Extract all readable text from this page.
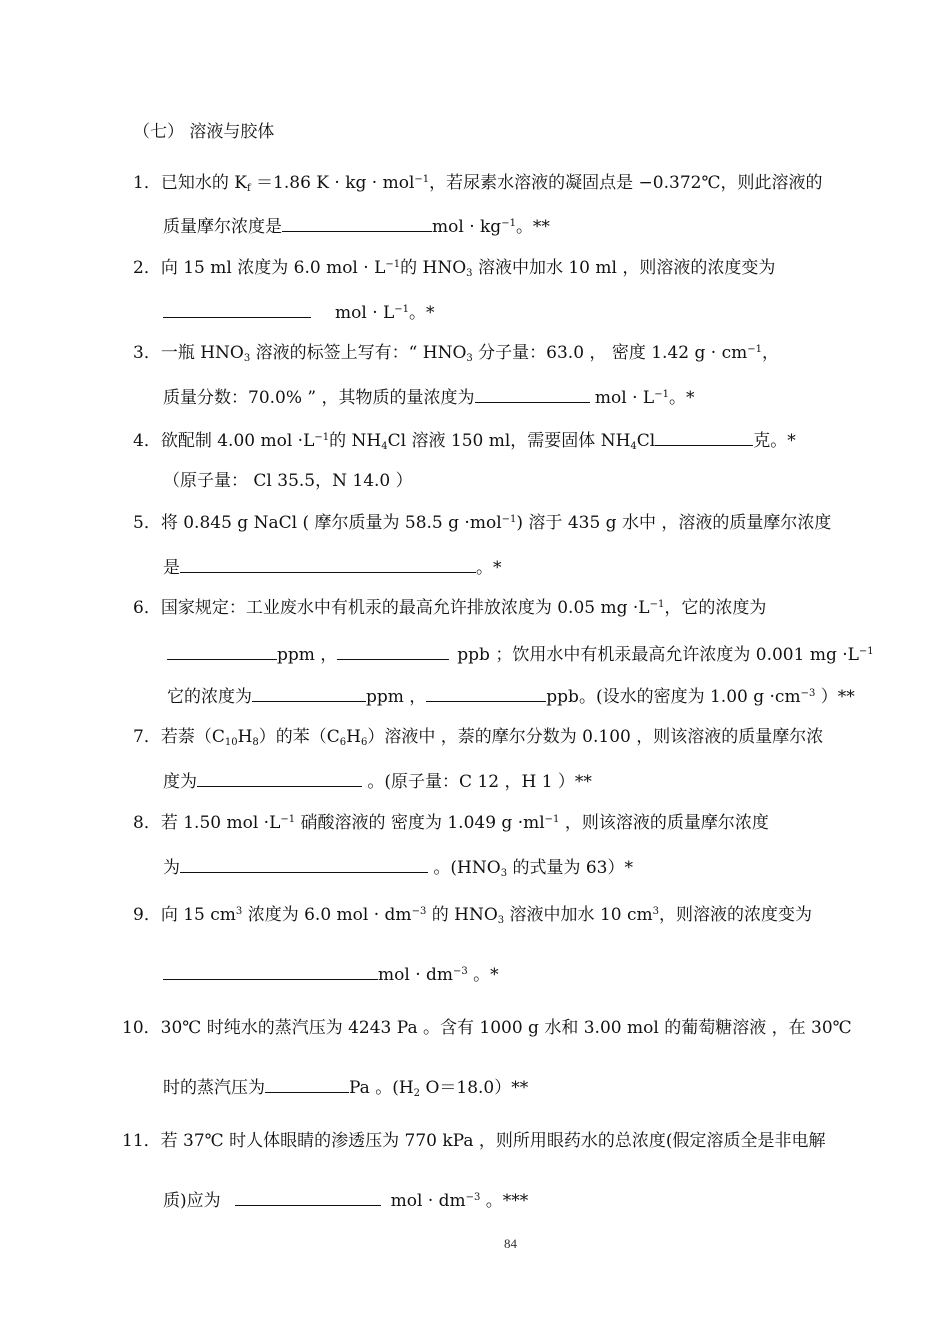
（七） 溶液与胶体
1．已知水的 $K_f =1.86$ K · kg · mol$^{-1}$，若尿素水溶液的凝固点是 −0.372℃，则此溶液的
质量摩尔浓度是	mol · $kg^{-1}$。**
2．向 15 ml 浓度为 6.0 mol · $L^{-1}$的 $HNO_3$ 溶液中加水 10 ml ，则溶液的浓度变为
mol · $L^{-1}$。*
3．一瓶 $HNO_3$ 溶液的标签上写有：“ $HNO_3$ 分子量：63.0 ， 密度 1.42 $g \cdot cm^{-1}$，
质量分数：70.0% ” ，其物质的量浓度为	mol · $L^{-1}$。*
4．欲配制 4.00 mol $\cdot L^{-1}$的 $NH_4Cl$ 溶液 150 ml，需要固体 $NH_4Cl$	克。*
（原子量： Cl 35.5，N 14.0 ）
5．将 0.845 g NaCl ( 摩尔质量为 58.5 g ·mol$^{-1}$) 溶于 435 g 水中 ，溶液的质量摩尔浓度
是	。*
6．国家规定：工业废水中有机汞的最高允许排放浓度为 0.05 mg $\cdot L^{-1}$，它的浓度为
ppm ，	ppb ；饮用水中有机汞最高允许浓度为 0.001 mg $\cdot L^{-1}$
它的浓度为	ppm ，	ppb。(设水的密度为 1.00 $g \cdot cm^{-3}$ ）**
7．若萘$(C_{10}H_8)$的苯$(C_6H_6)$溶液中 ，萘的摩尔分数为 0.100 ，则该溶液的质量摩尔浓
度为	。(原子量：C 12 ，H 1 ）**
8．若 1.50 mol $\cdot L^{-1}$ 硝酸溶液的 密度为 1.049 $g \cdot ml^{-1}$ ，则该溶液的质量摩尔浓度
为	。($HNO_3$ 的式量为 63）*
9．向 15 $cm^3$ 浓度为 6.0 mol · $dm^{-3}$ 的 $HNO_3$ 溶液中加水 10 $cm^3$，则溶液的浓度变为
mol · $dm^{-3}$ 。*
10．30℃ 时纯水的蒸汽压为 4243 Pa 。含有 1000 g 水和 3.00 mol 的葡萄糖溶液 ，在 30℃
时的蒸汽压为	Pa 。($H_2$ O＝18.0）**
11．若 37℃ 时人体眼睛的渗透压为 770 kPa ，则所用眼药水的总浓度(假定溶质全是非电解
质)应为	mol · $dm^{-3}$ 。***
84
